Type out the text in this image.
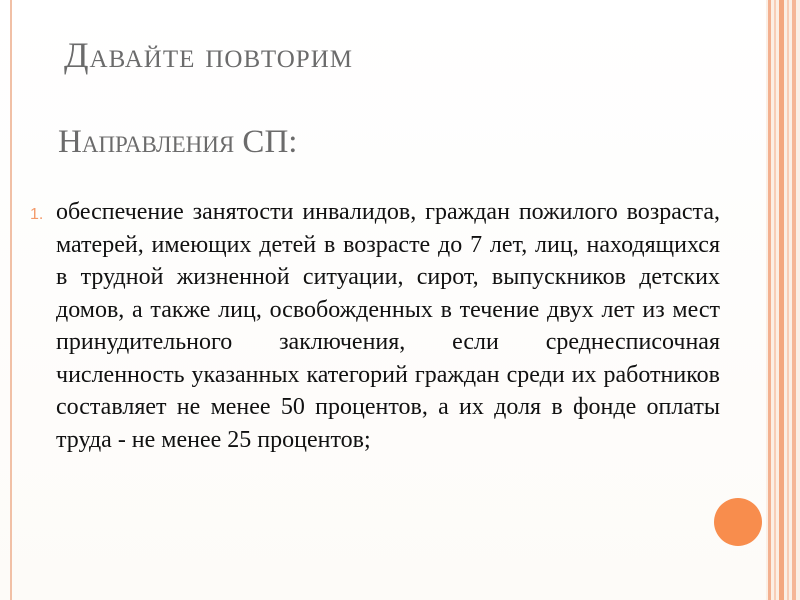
Давайте повторим
Направления СП:
1. обеспечение занятости инвалидов, граждан пожилого возраста, матерей, имеющих детей в возрасте до 7 лет, лиц, находящихся в трудной жизненной ситуации, сирот, выпускников детских домов, а также лиц, освобожденных в течение двух лет из мест принудительного заключения, если среднесписочная численность указанных категорий граждан среди их работников составляет не менее 50 процентов, а их доля в фонде оплаты труда - не менее 25 процентов;
